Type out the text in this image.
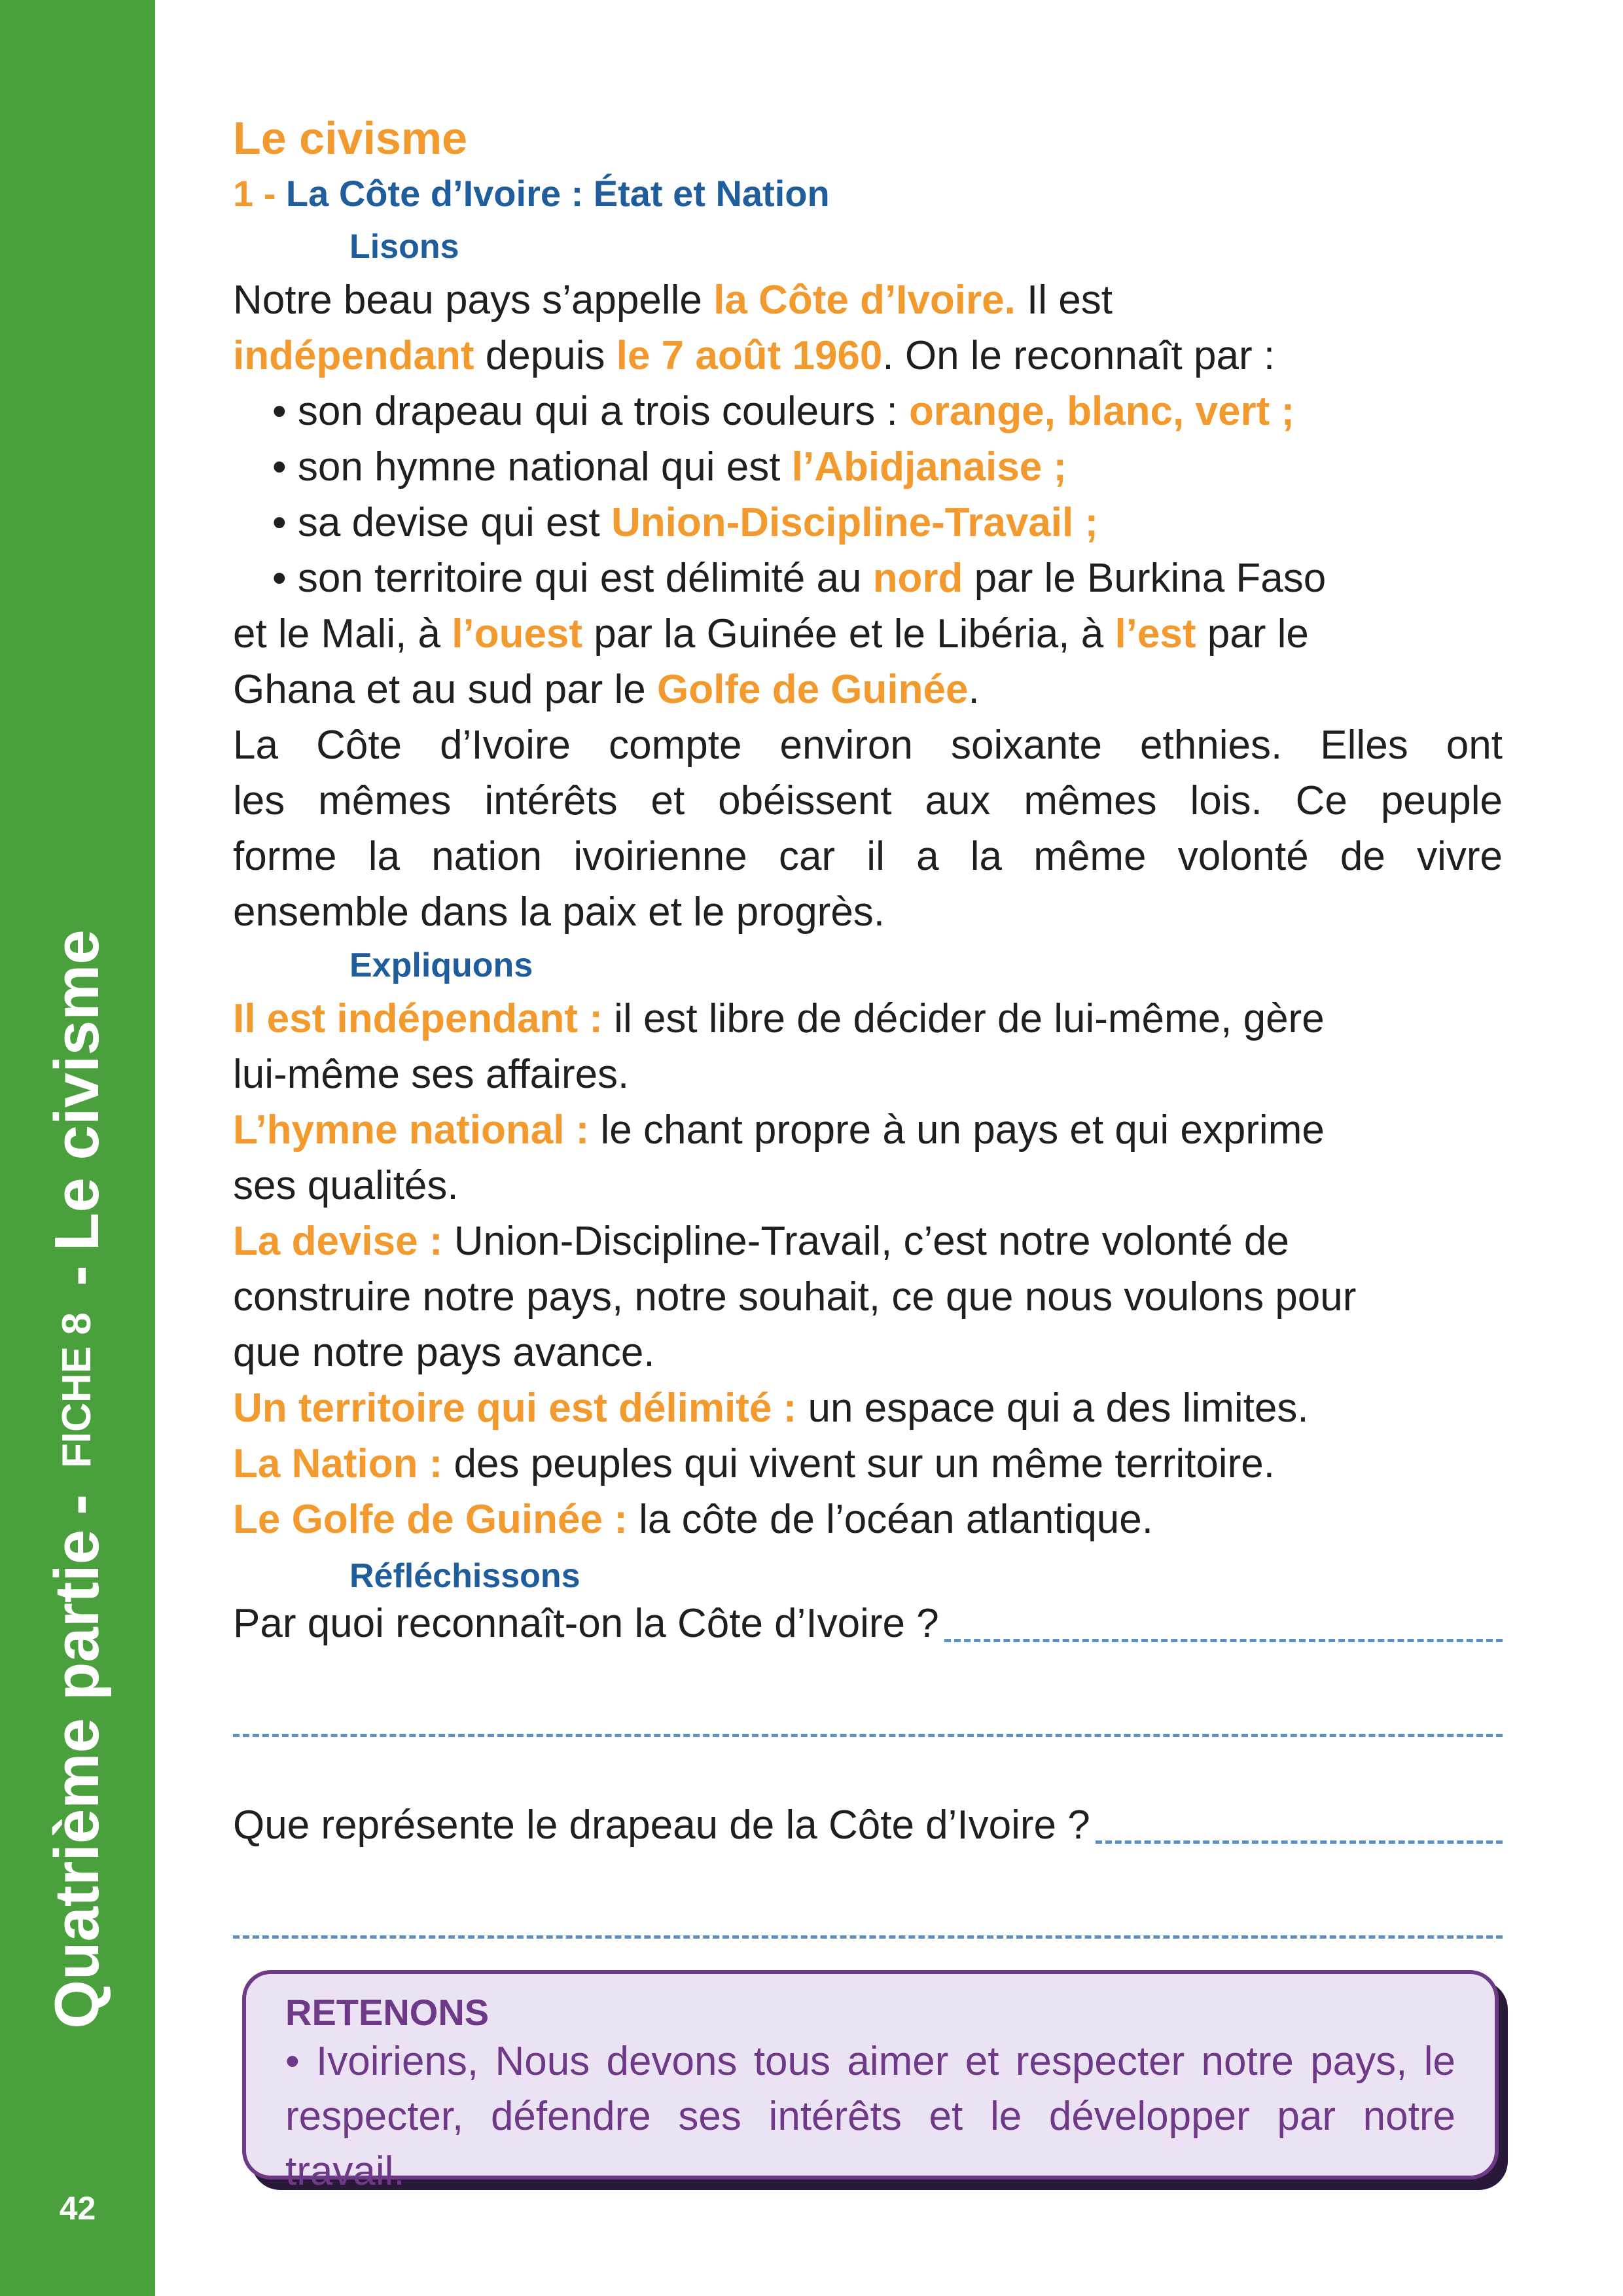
Quatrième partie
-
FICHE 8
-
Le civisme
42
Le civisme
1 - La Côte d’Ivoire : État et Nation
Lisons

Notre beau pays s’appelle la Côte d’Ivoire. Il est

indépendant depuis le 7 août 1960. On le reconnaît par :

• son drapeau qui a trois couleurs : orange, blanc, vert ;

• son hymne national qui est l’Abidjanaise ;

• sa devise qui est Union-Discipline-Travail ;

• son territoire qui est délimité au nord par le Burkina Faso

et le Mali, à l’ouest par la Guinée et le Libéria, à l’est par le

Ghana et au sud par le Golfe de Guinée.

La Côte d’Ivoire compte environ soixante ethnies. Elles ont

les mêmes intérêts et obéissent aux mêmes lois. Ce peuple

forme la nation ivoirienne car il a la même volonté de vivre

ensemble dans la paix et le progrès.

Expliquons

Il est indépendant : il est libre de décider de lui-même, gère

lui-même ses affaires.

L’hymne national : le chant propre à un pays et qui exprime

ses qualités.

La devise : Union-Discipline-Travail, c’est notre volonté de

construire notre pays, notre souhait, ce que nous voulons pour

que notre pays avance.

Un territoire qui est délimité : un espace qui a des limites.

La Nation : des peuples qui vivent sur un même territoire.

Le Golfe de Guinée : la côte de l’océan atlantique.

Réfléchissons
Par quoi reconnaît-on la Côte d’Ivoire ?
Que représente le drapeau de la Côte d’Ivoire ?
RETENONS
• Ivoiriens, Nous devons tous aimer et respecter notre pays, le respecter, défendre ses intérêts et le développer par notre travail.
